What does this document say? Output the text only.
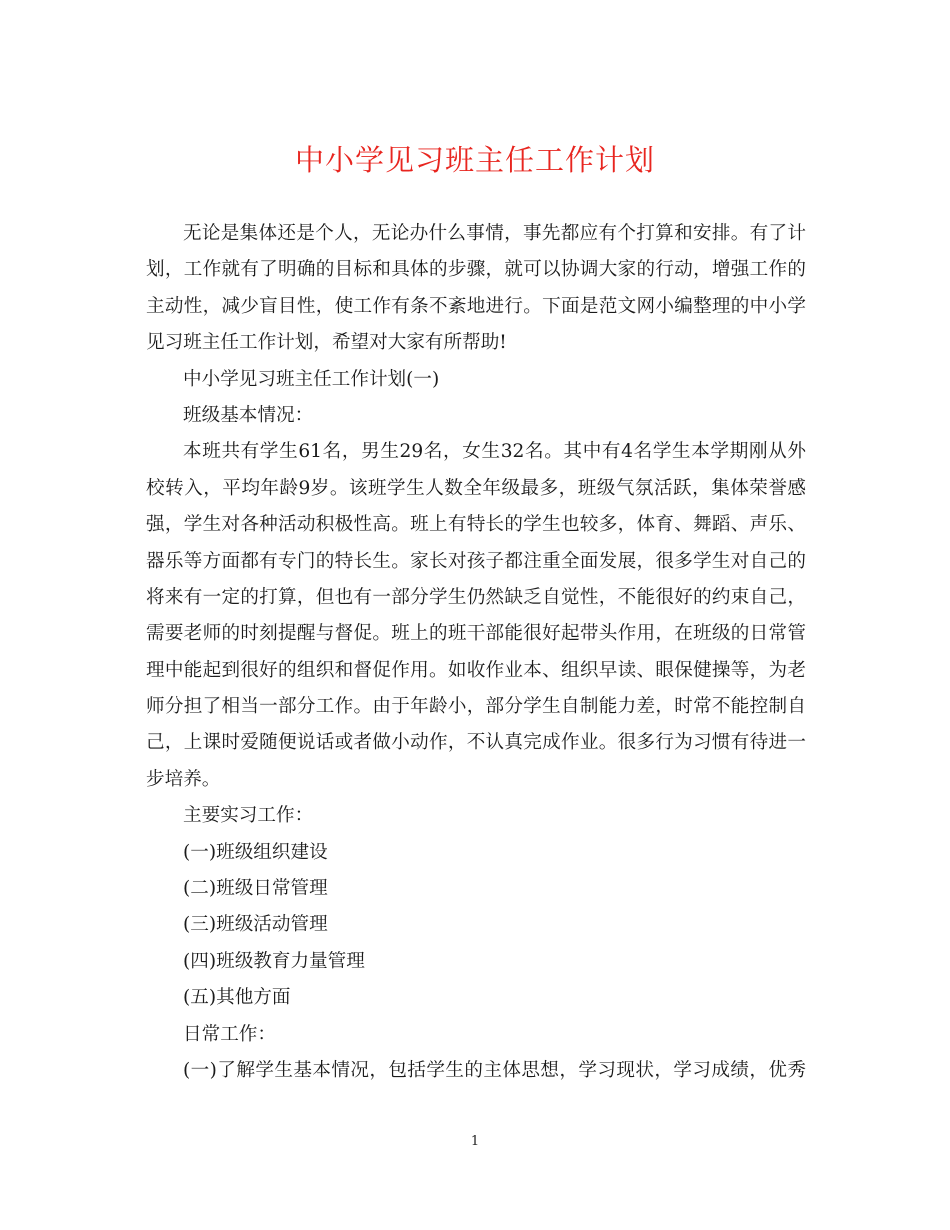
中小学见习班主任工作计划
无论是集体还是个人，无论办什么事情，事先都应有个打算和安排。有了计
划，工作就有了明确的目标和具体的步骤，就可以协调大家的行动，增强工作的
主动性，减少盲目性，使工作有条不紊地进行。下面是范文网小编整理的中小学
见习班主任工作计划，希望对大家有所帮助!
中小学见习班主任工作计划(一)
班级基本情况：
本班共有学生61名，男生29名，女生32名。其中有4名学生本学期刚从外
校转入，平均年龄9岁。该班学生人数全年级最多，班级气氛活跃，集体荣誉感
强，学生对各种活动积极性高。班上有特长的学生也较多，体育、舞蹈、声乐、
器乐等方面都有专门的特长生。家长对孩子都注重全面发展，很多学生对自己的
将来有一定的打算，但也有一部分学生仍然缺乏自觉性，不能很好的约束自己，
需要老师的时刻提醒与督促。班上的班干部能很好起带头作用，在班级的日常管
理中能起到很好的组织和督促作用。如收作业本、组织早读、眼保健操等，为老
师分担了相当一部分工作。由于年龄小，部分学生自制能力差，时常不能控制自
己，上课时爱随便说话或者做小动作，不认真完成作业。很多行为习惯有待进一
步培养。
主要实习工作：
(一)班级组织建设
(二)班级日常管理
(三)班级活动管理
(四)班级教育力量管理
(五)其他方面
日常工作：
(一)了解学生基本情况，包括学生的主体思想，学习现状，学习成绩，优秀
1
